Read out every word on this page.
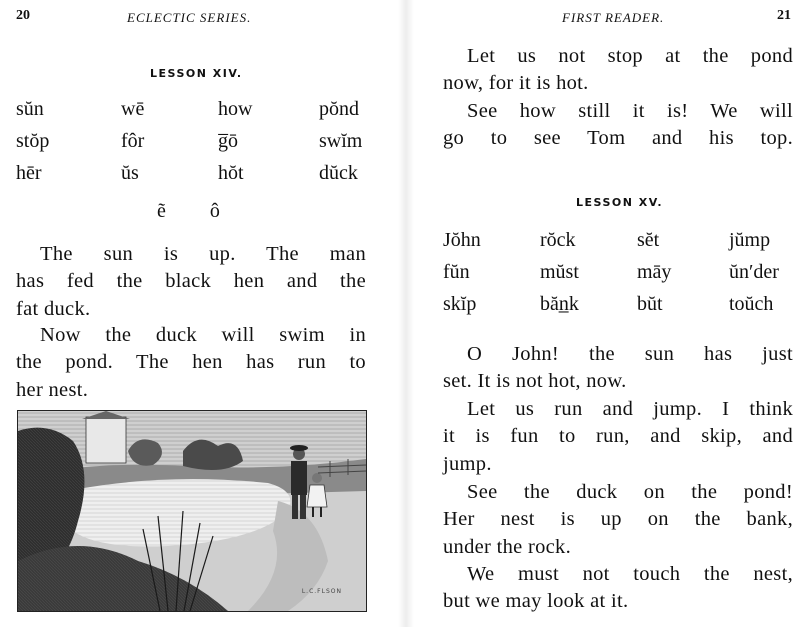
20	ECLECTIC SERIES.
LESSON XIV.
sŭn	wē	how	pŏnd
stŏp	fôr	g̅ō	swĭm
hēr	ŭs	hŏt	dŭck
ẽ ô
The sun is up. The man
has fed the black hen and the
fat duck.
Now the duck will swim in
the pond. The hen has run to
her nest.
L.C.FLSON
FIRST READER.	21
Let us not stop at the pond
now, for it is hot.
See how still it is! We will
go to see Tom and his top.
LESSON XV.
Jŏhn	rŏck	sĕt	jŭmp
fŭn	mŭst	māy	ŭn′der
skĭp	băn̲k	bŭt	toŭch
O John! the sun has just
set. It is not hot, now.
Let us run and jump. I think
it is fun to run, and skip, and
jump.
See the duck on the pond!
Her nest is up on the bank,
under the rock.
We must not touch the nest,
but we may look at it.
